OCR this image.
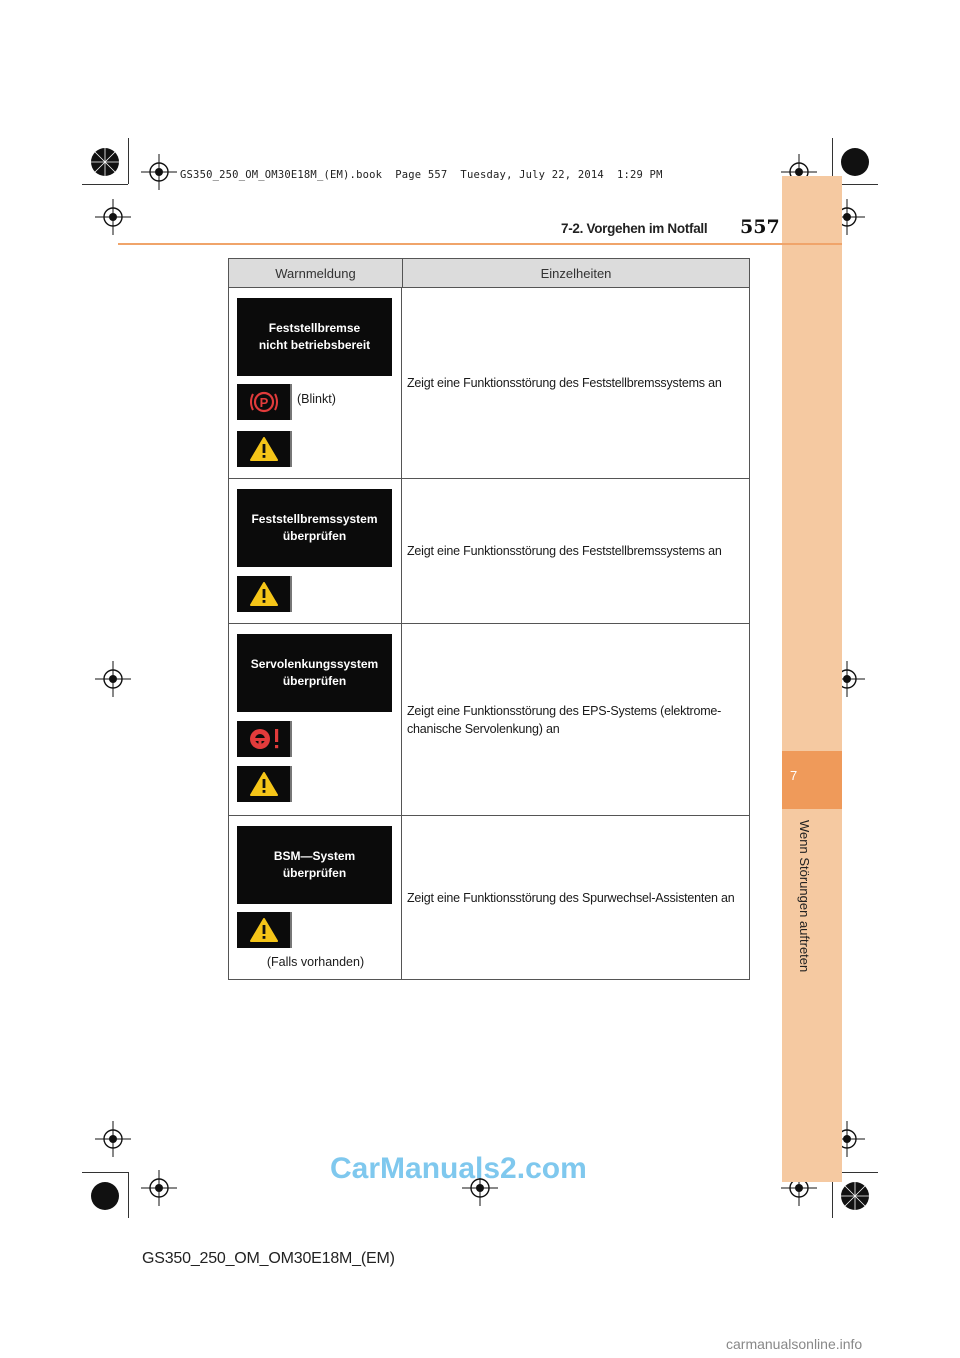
GS350_250_OM_OM30E18M_(EM).book  Page 557  Tuesday, July 22, 2014  1:29 PM
7
Wenn Störungen auftreten
7-2. Vorgehen im Notfall 557
Warnmeldung	Einzelheiten
Feststellbremse
nicht betriebsbereit
P (Blinkt)
Zeigt eine Funktionsstörung des Feststellbremssystems an
Feststellbremssystem
überprüfen
Zeigt eine Funktionsstörung des Feststellbremssystems an
Servolenkungssystem
überprüfen
Zeigt eine Funktionsstörung des EPS-Systems (elektrome-chanische Servolenkung) an
BSM—System
überprüfen
(Falls vorhanden)
Zeigt eine Funktionsstörung des Spurwechsel-Assistenten an
CarManuals2.com
GS350_250_OM_OM30E18M_(EM)
carmanualsonline.info
